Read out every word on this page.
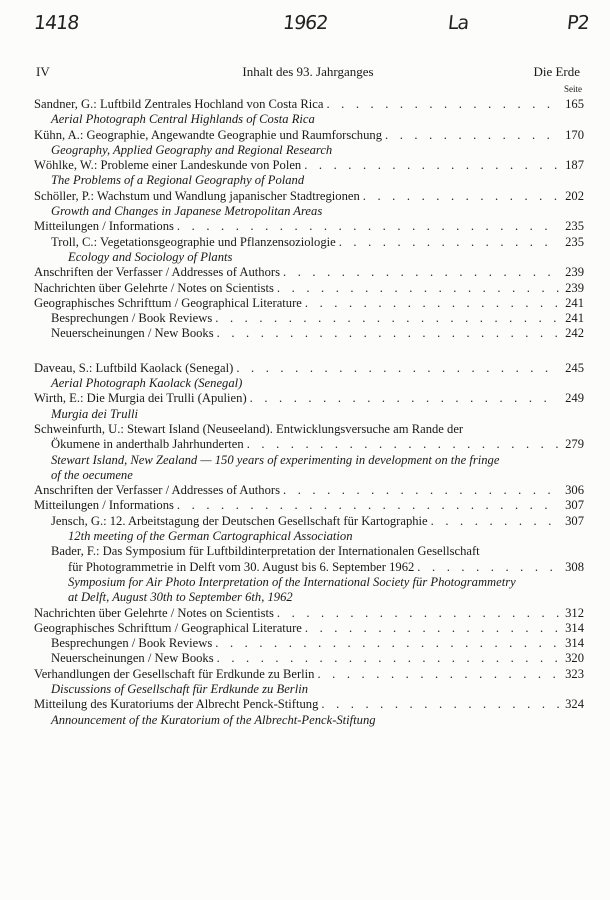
1418	1962	La	P2
IV	Inhalt des 93. Jahrganges	Die Erde
Seite
Sandner, G.: Luftbild Zentrales Hochland von Costa Rica . . .	165
Aerial Photograph Central Highlands of Costa Rica
Kühn, A.: Geographie, Angewandte Geographie und Raumforschung . . .	170
Geography, Applied Geography and Regional Research
Wöhlke, W.: Probleme einer Landeskunde von Polen . . .	187
The Problems of a Regional Geography of Poland
Schöller, P.: Wachstum und Wandlung japanischer Stadtregionen . . .	202
Growth and Changes in Japanese Metropolitan Areas
Mitteilungen / Informations . . .	235
Troll, C.: Vegetationsgeographie und Pflanzensoziologie . . .	235
Ecology and Sociology of Plants
Anschriften der Verfasser / Addresses of Authors . . .	239
Nachrichten über Gelehrte / Notes on Scientists . . .	239
Geographisches Schrifttum / Geographical Literature . . .	241
Besprechungen / Book Reviews . . .	241
Neuerscheinungen / New Books . . .	242
Daveau, S.: Luftbild Kaolack (Senegal) . . .	245
Aerial Photograph Kaolack (Senegal)
Wirth, E.: Die Murgia dei Trulli (Apulien) . . .	249
Murgia dei Trulli
Schweinfurth, U.: Stewart Island (Neuseeland). Entwicklungsversuche am Rande der
Ökumene in anderthalb Jahrhunderten . . .	279
Stewart Island, New Zealand — 150 years of experimenting in development on the fringe
of the oecumene
Anschriften der Verfasser / Addresses of Authors . . .	306
Mitteilungen / Informations . . .	307
Jensch, G.: 12. Arbeitstagung der Deutschen Gesellschaft für Kartographie . . .	307
12th meeting of the German Cartographical Association
Bader, F.: Das Symposium für Luftbildinterpretation der Internationalen Gesellschaft
für Photogrammetrie in Delft vom 30. August bis 6. September 1962 . . .	308
Symposium for Air Photo Interpretation of the International Society für Photogrammetry
at Delft, August 30th to September 6th, 1962
Nachrichten über Gelehrte / Notes on Scientists . . .	312
Geographisches Schrifttum / Geographical Literature . . .	314
Besprechungen / Book Reviews . . .	314
Neuerscheinungen / New Books . . .	320
Verhandlungen der Gesellschaft für Erdkunde zu Berlin . . .	323
Discussions of Gesellschaft für Erdkunde zu Berlin
Mitteilung des Kuratoriums der Albrecht Penck-Stiftung . . .	324
Announcement of the Kuratorium of the Albrecht-Penck-Stiftung
